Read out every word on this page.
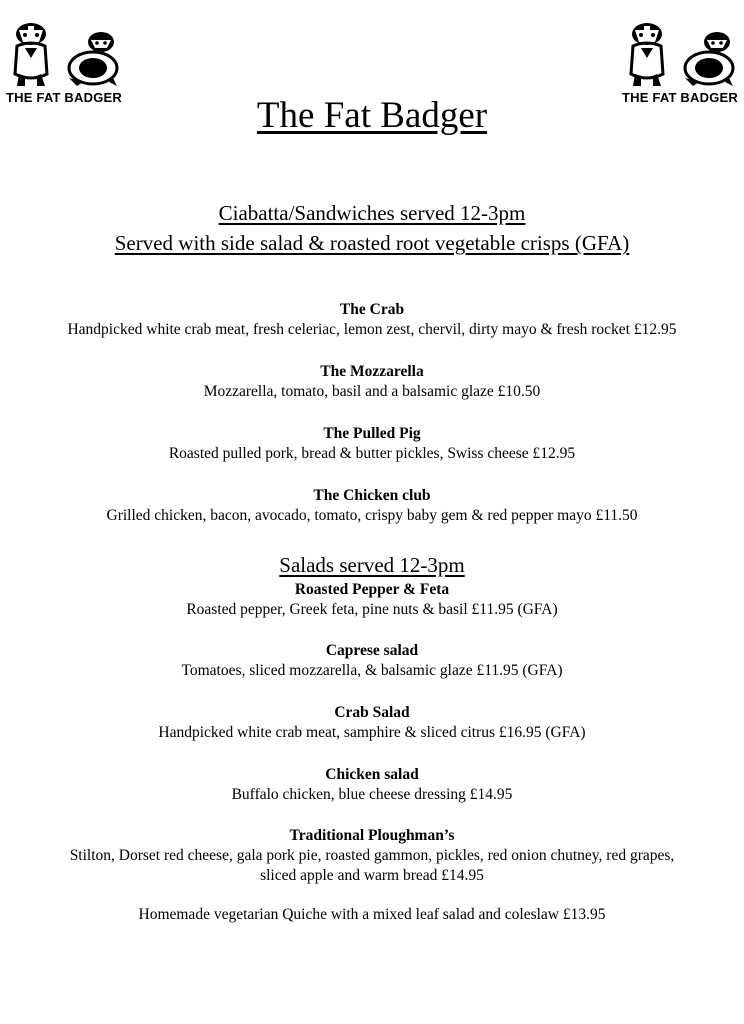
THE FAT BADGER	THE FAT BADGER
The Fat Badger
Ciabatta/Sandwiches served 12-3pm
Served with side salad & roasted root vegetable crisps (GFA)
The Crab
Handpicked white crab meat, fresh celeriac, lemon zest, chervil, dirty mayo & fresh rocket £12.95
The Mozzarella
Mozzarella, tomato, basil and a balsamic glaze £10.50
The Pulled Pig
Roasted pulled pork, bread & butter pickles, Swiss cheese £12.95
The Chicken club
Grilled chicken, bacon, avocado, tomato, crispy baby gem & red pepper mayo £11.50
Salads served 12-3pm
Roasted Pepper & Feta
Roasted pepper, Greek feta, pine nuts & basil £11.95 (GFA)
Caprese salad
Tomatoes, sliced mozzarella, & balsamic glaze £11.95 (GFA)
Crab Salad
Handpicked white crab meat, samphire & sliced citrus £16.95 (GFA)
Chicken salad
Buffalo chicken, blue cheese dressing £14.95
Traditional Ploughman’s
Stilton, Dorset red cheese, gala pork pie, roasted gammon, pickles, red onion chutney, red grapes,
sliced apple and warm bread £14.95
Homemade vegetarian Quiche with a mixed leaf salad and coleslaw £13.95
